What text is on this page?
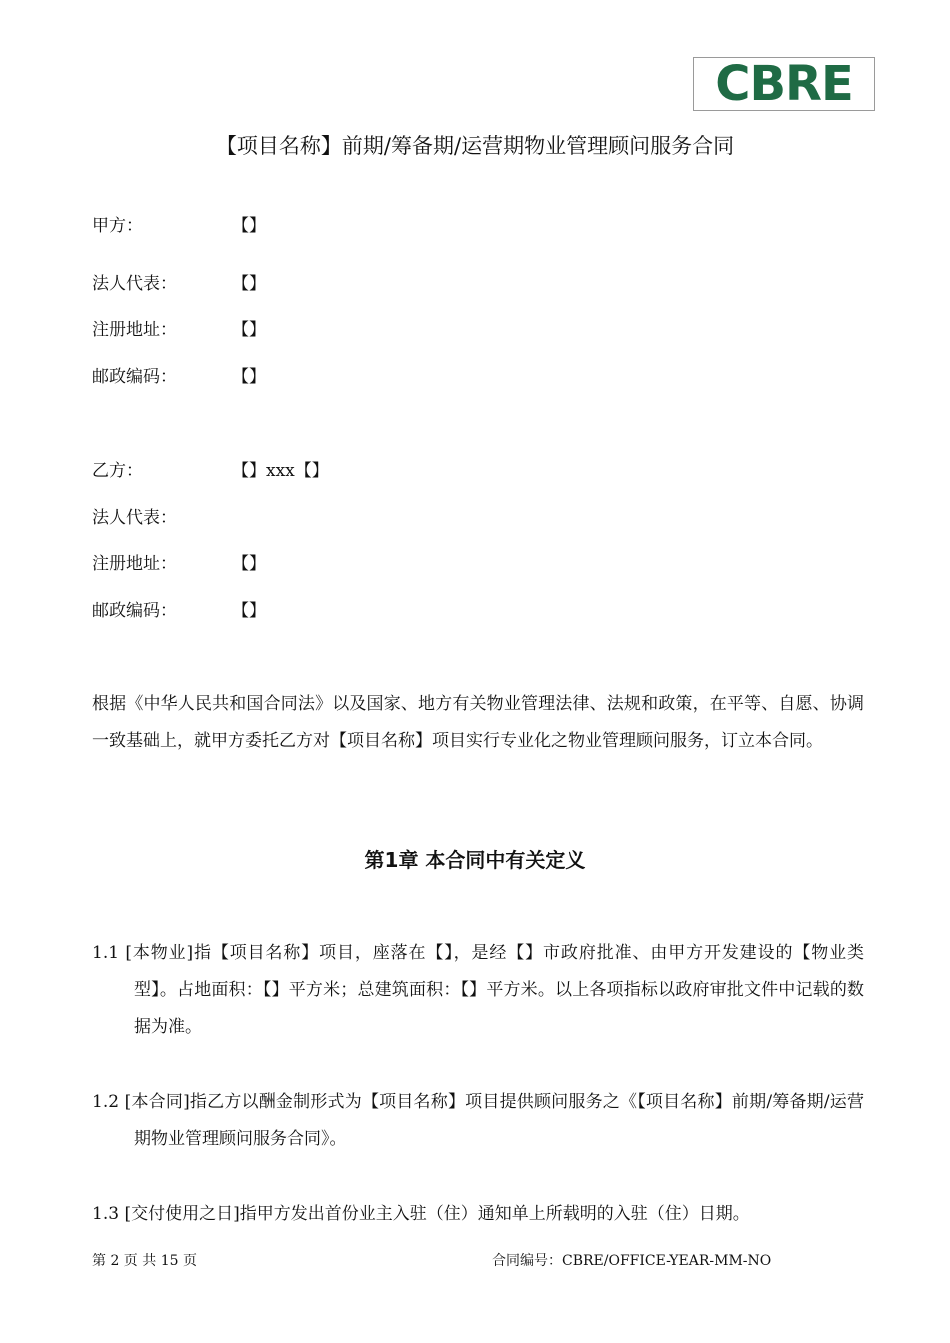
CBRE
【项目名称】前期/筹备期/运营期物业管理顾问服务合同
甲方：	【】
法人代表：	【】
注册地址：	【】
邮政编码：	【】
乙方：	【】xxx【】
法人代表：
注册地址：	【】
邮政编码：	【】
根据《中华人民共和国合同法》以及国家、地方有关物业管理法律、法规和政策，在平等、自愿、协调一致基础上，就甲方委托乙方对【项目名称】项目实行专业化之物业管理顾问服务，订立本合同。
第1章 本合同中有关定义
1.1 [本物业]指【项目名称】项目，座落在【】，是经【】市政府批准、由甲方开发建设的【物业类型】。占地面积：【】平方米；总建筑面积：【】平方米。以上各项指标以政府审批文件中记载的数据为准。
1.2 [本合同]指乙方以酬金制形式为【项目名称】项目提供顾问服务之《【项目名称】前期/筹备期/运营期物业管理顾问服务合同》。
1.3 [交付使用之日]指甲方发出首份业主入驻（住）通知单上所载明的入驻（住）日期。
第 2 页 共 15 页	合同编号：CBRE/OFFICE-YEAR-MM-NO
